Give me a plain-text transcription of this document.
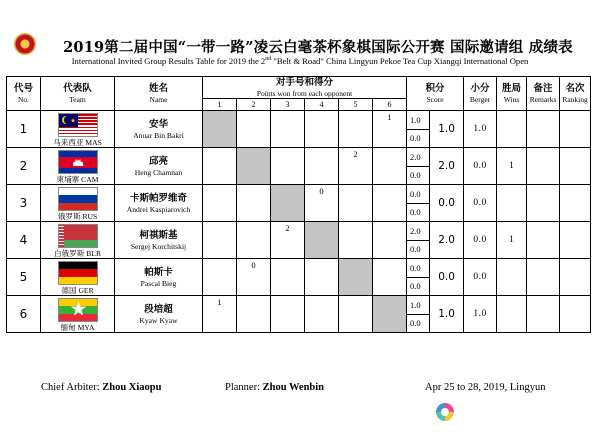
2019第二届中国“一带一路”凌云白毫茶杯象棋国际公开赛 国际邀请组 成绩表
International Invited Group Results Table for 2019 the 2nd "Belt & Road" China Lingyun Pekoe Tea Cup Xiangqi International Open
代号
No.	代表队
Team	姓名
Name	对手号和得分
Points won from each opponent						积分
Score		小分
Berger	胜局
Wins	备注
Remarks	名次
Ranking

			1	2	3	4	5	6						
1	马来西亚 MAS	安华
Anuar Bin Bakri						1	1.0	1.0	1.0			
									0.0					
2	柬埔寨 CAM	邱亮
Heng Chamnan					2		2.0	2.0	0.0	1		
									0.0					
3	俄罗斯 RUS	卡斯帕罗维奇
Andrei Kaspiarovich				0			0.0	0.0	0.0			
									0.0					
4	白俄罗斯 BLR	柯祺斯基
Sergej Korchitskij			2				2.0	2.0	0.0	1		
									0.0					
5	德国 GER	帕斯卡
Pascal Bieg		0					0.0	0.0	0.0			
									0.0					
6	缅甸 MYA	段培超
Kyaw Kyaw	1						1.0	1.0	1.0			
									0.0					
Chief Arbiter: Zhou Xiaopu	Planner: Zhou Wenbin	Apr 25 to 28, 2019, Lingyun
